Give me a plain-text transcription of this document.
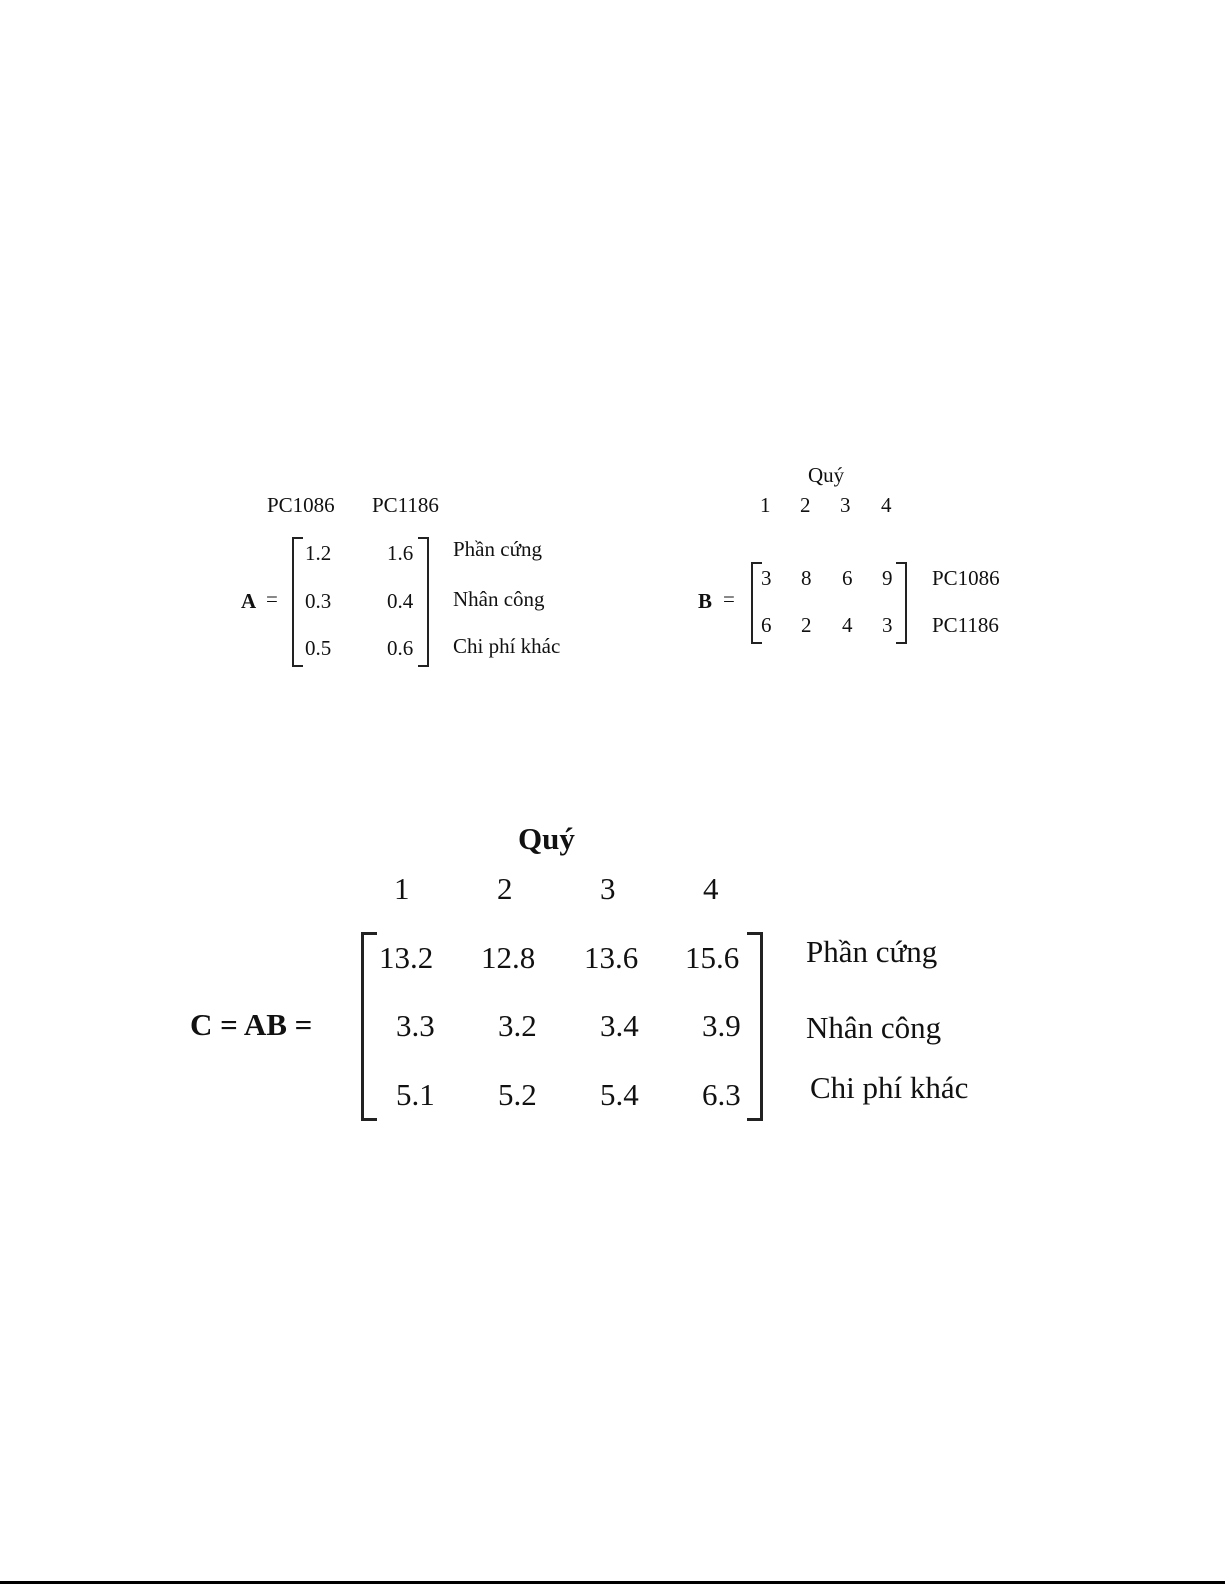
PC1086 PC1186
A =
1.2	1.6
0.3	0.4
0.5	0.6
Phần cứng
Nhân công
Chi phí khác
Quý
1 2 3 4
B =
3 8 6 9
6 2 4 3
PC1086
PC1186
Quý
1	2	3	4
C = AB =
13.2 12.8 13.6 15.6
3.3 3.2 3.4 3.9
5.1 5.2 5.4 6.3
Phần cứng
Nhân công
Chi phí khác
